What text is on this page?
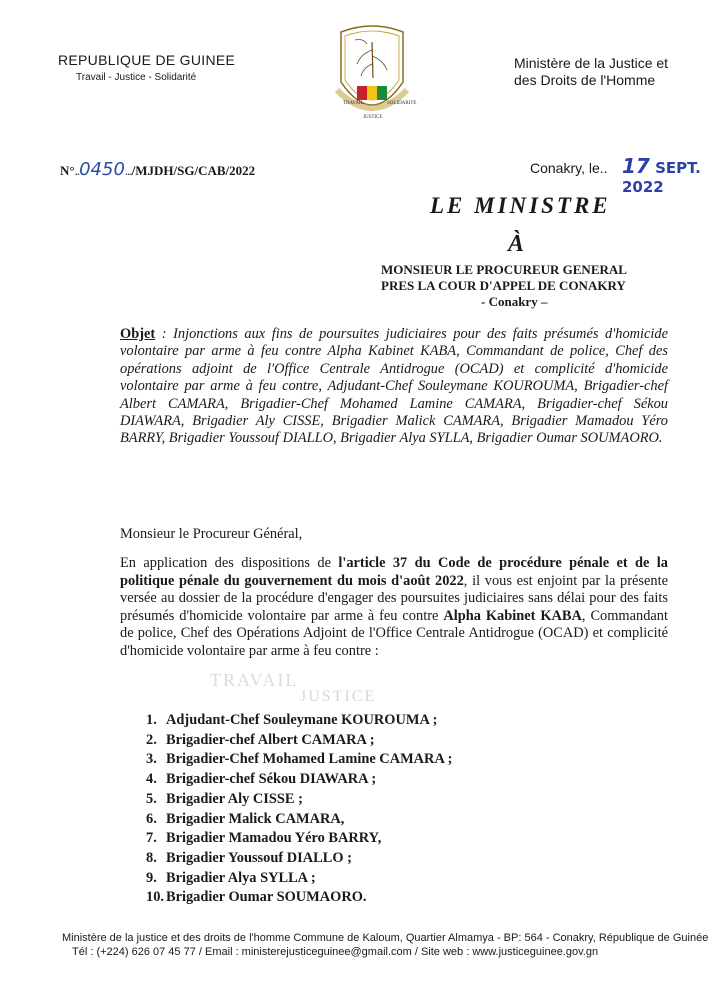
REPUBLIQUE DE GUINEE
Travail - Justice - Solidarité
TRAVAIL	SOLIDARITE
JUSTICE
Ministère de la Justice et
des Droits de l'Homme
N°..0450.../MJDH/SG/CAB/2022	Conakry, le.. 17 SEPT. 2022
LE MINISTRE
À
MONSIEUR LE PROCUREUR GENERAL
PRES LA COUR D'APPEL DE CONAKRY
- Conakry –
Objet : Injonctions aux fins de poursuites judiciaires pour des faits présumés d'homicide volontaire par arme à feu contre Alpha Kabinet KABA, Commandant de police, Chef des opérations adjoint de l'Office Centrale Antidrogue (OCAD) et complicité d'homicide volontaire par arme à feu contre, Adjudant-Chef Souleymane KOUROUMA, Brigadier-chef Albert CAMARA, Brigadier-Chef Mohamed Lamine CAMARA, Brigadier-chef Sékou DIAWARA, Brigadier Aly CISSE, Brigadier Malick CAMARA, Brigadier Mamadou Yéro BARRY, Brigadier Youssouf DIALLO, Brigadier Alya SYLLA, Brigadier Oumar SOUMAORO.
TRAVAIL
JUSTICE
Monsieur le Procureur Général,
En application des dispositions de l'article 37 du Code de procédure pénale et de la politique pénale du gouvernement du mois d'août 2022, il vous est enjoint par la présente versée au dossier de la procédure d'engager des poursuites judiciaires sans délai pour des faits présumés d'homicide volontaire par arme à feu contre Alpha Kabinet KABA, Commandant de police, Chef des Opérations Adjoint de l'Office Centrale Antidrogue (OCAD) et complicité d'homicide volontaire par arme à feu contre :
1. Adjudant-Chef Souleymane KOUROUMA ;
2. Brigadier-chef Albert CAMARA ;
3. Brigadier-Chef Mohamed Lamine CAMARA ;
4. Brigadier-chef Sékou DIAWARA ;
5. Brigadier Aly CISSE ;
6. Brigadier Malick CAMARA,
7. Brigadier Mamadou Yéro BARRY,
8. Brigadier Youssouf DIALLO ;
9. Brigadier Alya SYLLA ;
10. Brigadier Oumar SOUMAORO.
Ministère de la justice et des droits de l'homme Commune de Kaloum, Quartier Almamya - BP: 564 - Conakry, République de Guinée
Tél : (+224) 626 07 45 77 / Email : ministerejusticeguinee@gmail.com / Site web : www.justiceguinee.gov.gn
